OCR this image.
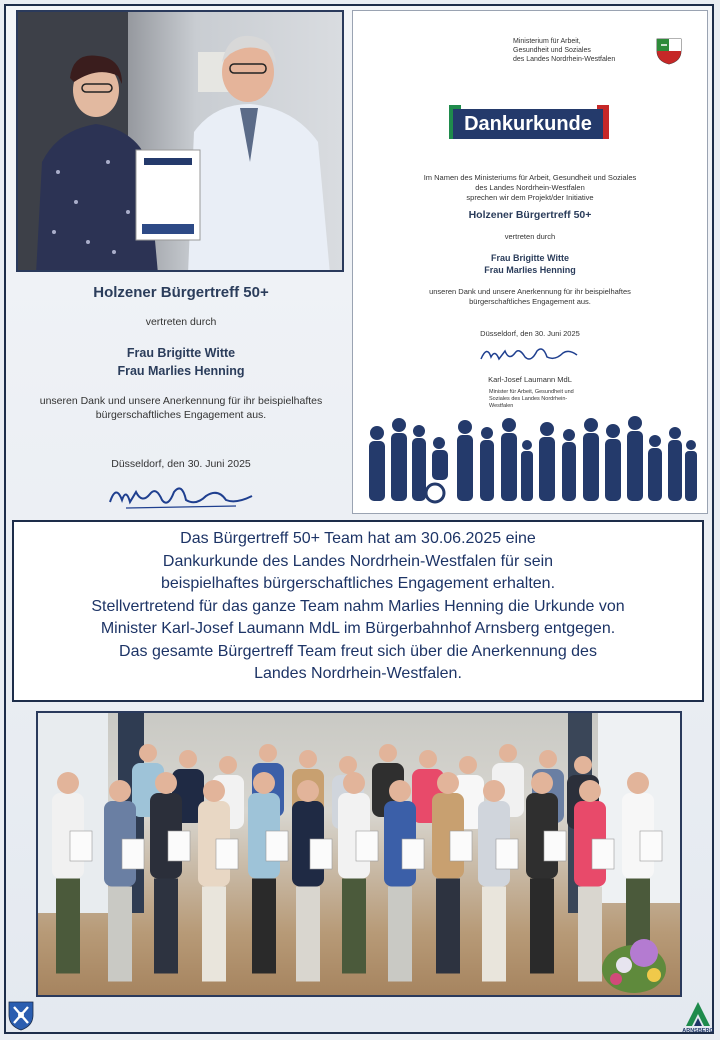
Holzener Bürgertreff 50+
vertreten durch
Frau Brigitte Witte
Frau Marlies Henning
unseren Dank und unsere Anerkennung für ihr beispielhaftes
bürgerschaftliches Engagement aus.
Düsseldorf, den 30. Juni 2025
Ministerium für Arbeit,
Gesundheit und Soziales
des Landes Nordrhein-Westfalen
Dankurkunde
Im Namen des Ministeriums für Arbeit, Gesundheit und Soziales
des Landes Nordrhein-Westfalen
sprechen wir dem Projekt/der Initiative
Holzener Bürgertreff 50+
vertreten durch
Frau Brigitte Witte
Frau Marlies Henning
unseren Dank und unsere Anerkennung für ihr beispielhaftes
bürgerschaftliches Engagement aus.
Düsseldorf, den 30. Juni 2025
Karl-Josef Laumann MdL
Minister für Arbeit, Gesundheit und
Soziales des Landes Nordrhein-
Westfalen

Das Bürgertreff 50+ Team hat am 30.06.2025 eine

Dankurkunde des Landes Nordrhein-Westfalen für sein

beispielhaftes bürgerschaftliches Engagement erhalten.

Stellvertretend für das ganze Team nahm Marlies Henning die Urkunde von

Minister Karl-Josef Laumann MdL im Bürgerbahnhof Arnsberg entgegen.

Das gesamte Bürgertreff Team freut sich über die Anerkennung des

Landes Nordrhein-Westfalen.

ARNSBERG
